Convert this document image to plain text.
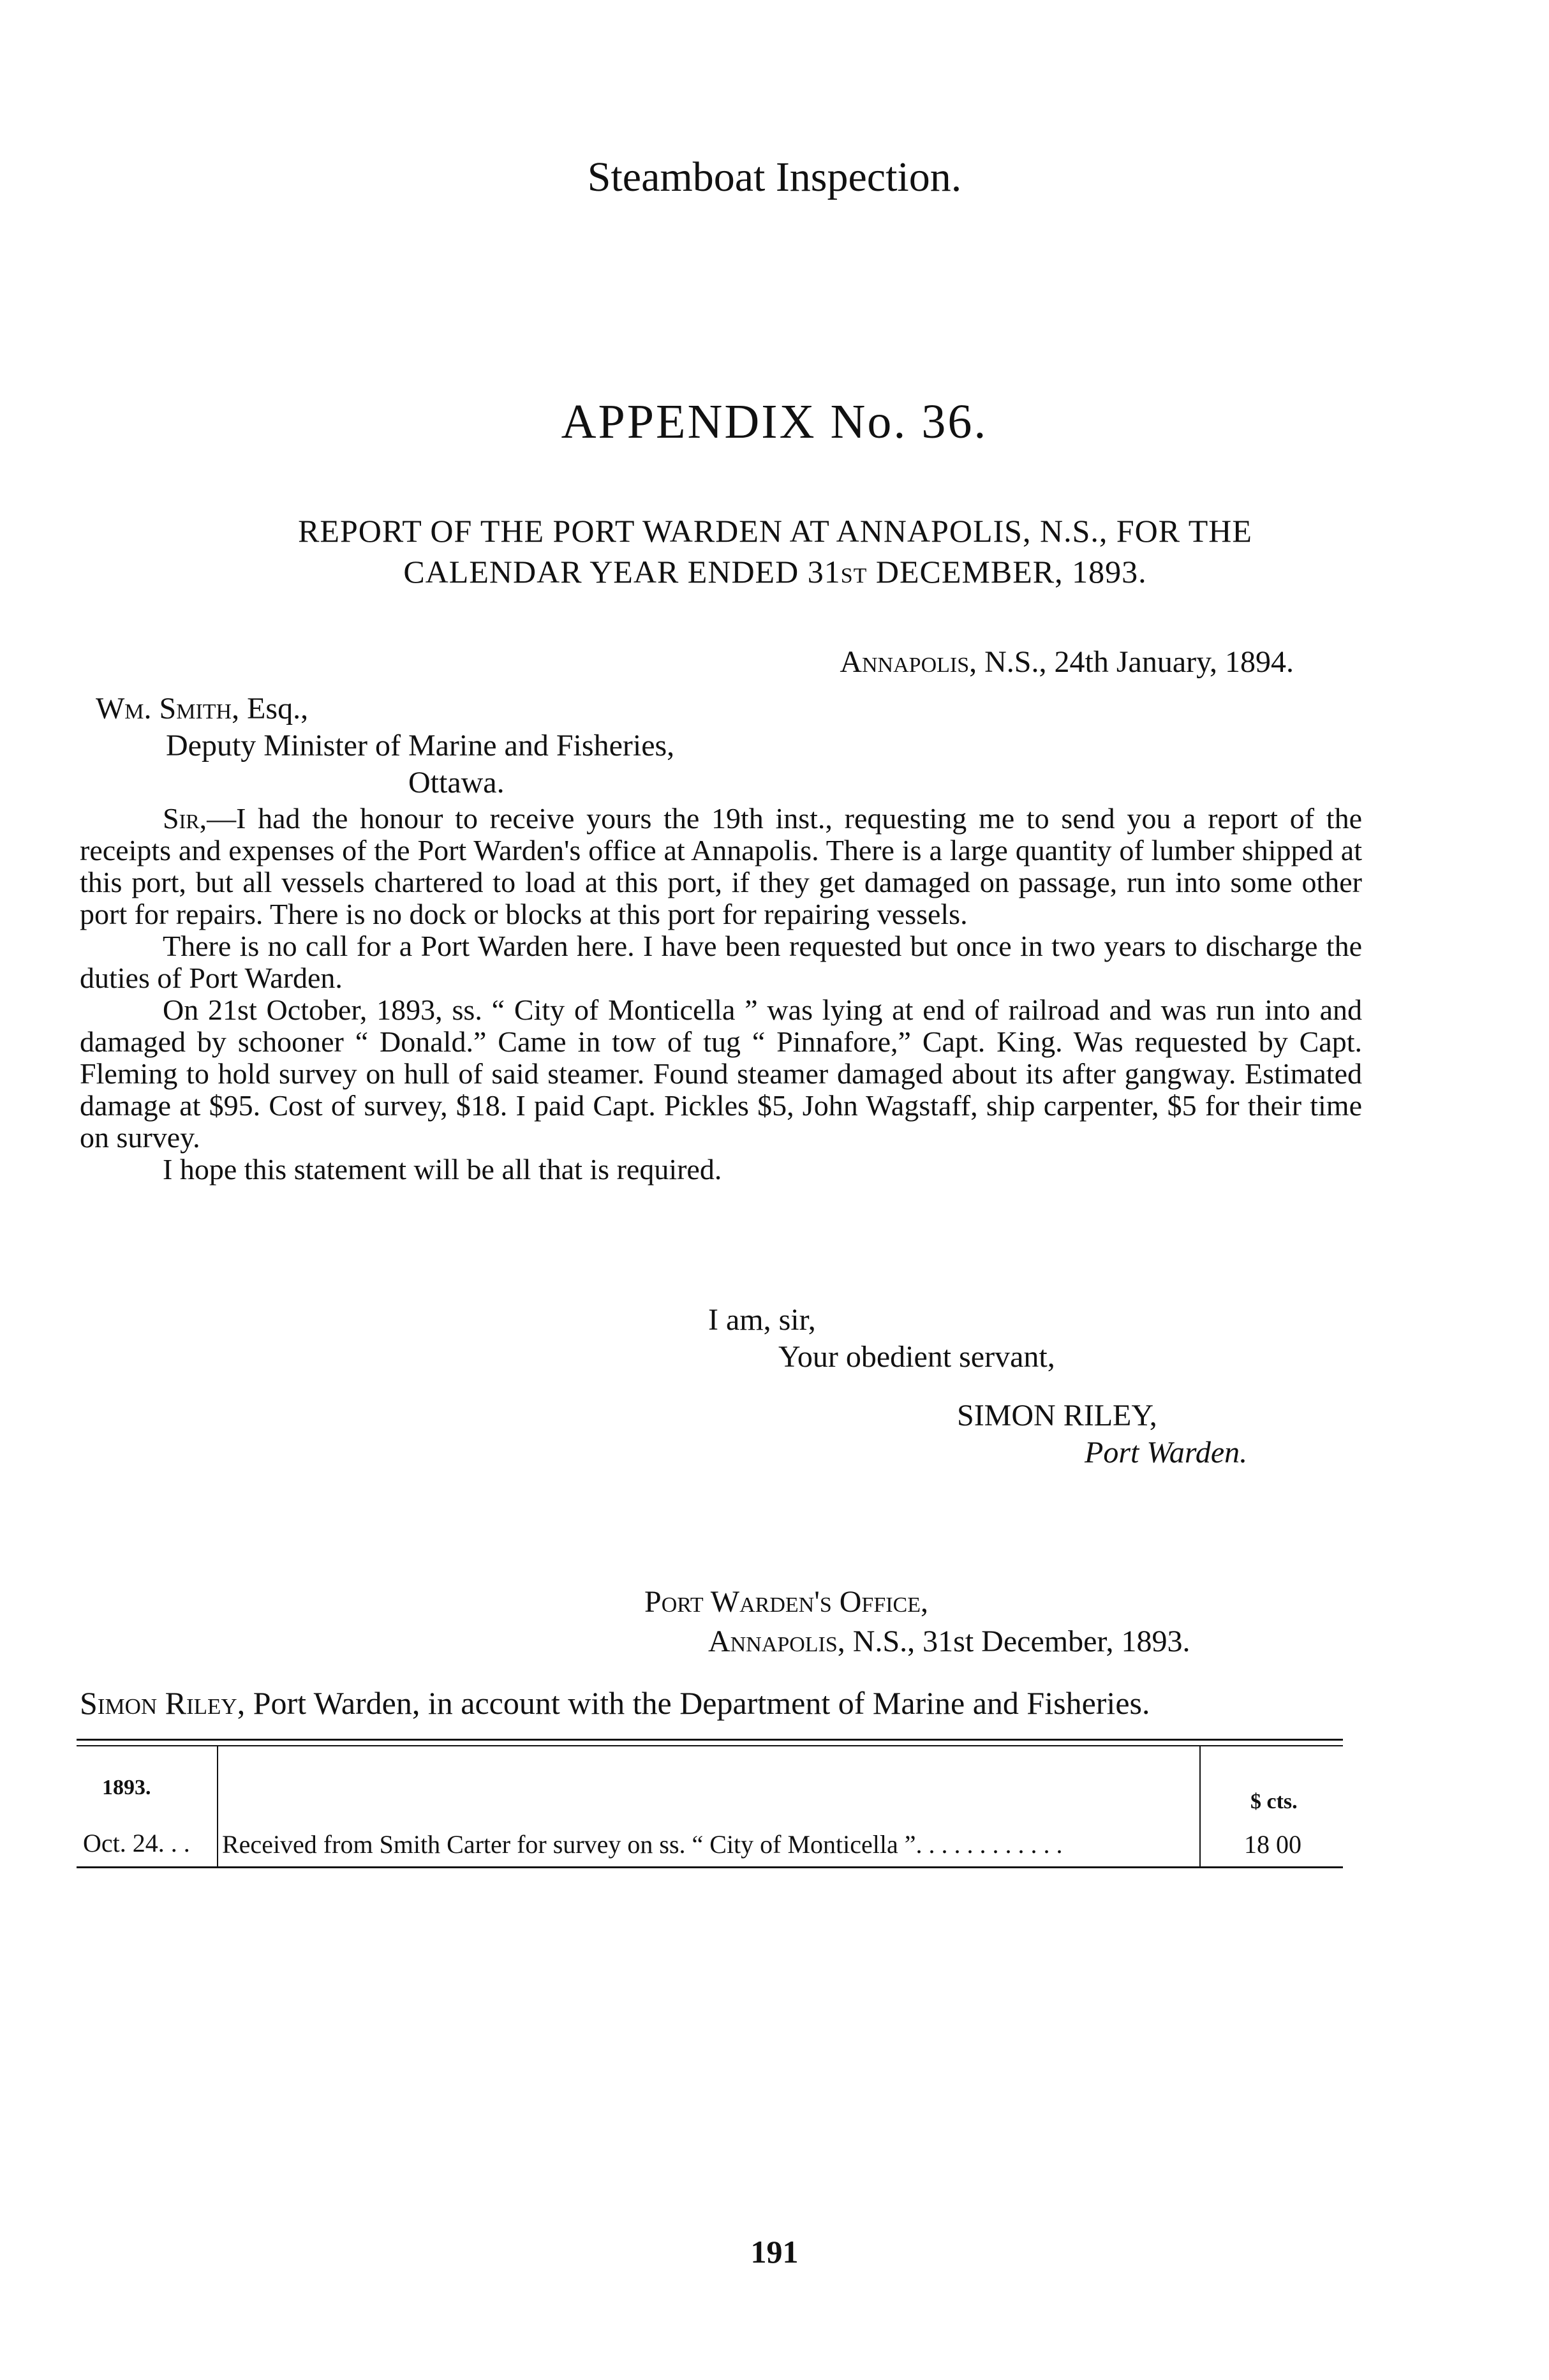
Steamboat Inspection.
APPENDIX No. 36.
REPORT OF THE PORT WARDEN AT ANNAPOLIS, N.S., FOR THE
CALENDAR YEAR ENDED 31ST DECEMBER, 1893.
Annapolis, N.S., 24th January, 1894.
Wm. Smith, Esq.,
Deputy Minister of Marine and Fisheries,
Ottawa.

Sir,—I had the honour to receive yours the 19th inst., requesting me to send you a report of the receipts and expenses of the Port Warden's office at Annapolis. There is a large quantity of lumber shipped at this port, but all vessels chartered to load at this port, if they get damaged on passage, run into some other port for repairs. There is no dock or blocks at this port for repairing vessels.

There is no call for a Port Warden here. I have been requested but once in two years to discharge the duties of Port Warden.

On 21st October, 1893, ss. “ City of Monticella ” was lying at end of railroad and was run into and damaged by schooner “ Donald.” Came in tow of tug “ Pinnafore,” Capt. King. Was requested by Capt. Fleming to hold survey on hull of said steamer. Found steamer damaged about its after gangway. Estimated damage at $95. Cost of survey, $18. I paid Capt. Pickles $5, John Wagstaff, ship carpenter, $5 for their time on survey.

I hope this statement will be all that is required.

I am, sir,
Your obedient servant,
SIMON RILEY,
Port Warden.
Port Warden's Office,
Annapolis, N.S., 31st December, 1893.
Simon Riley, Port Warden, in account with the Department of Marine and Fisheries.
1893.
$ cts.
Oct. 24. . . Received from Smith Carter for survey on ss. “ City of Monticella ”. . . . . . . . . . . .	18 00
191
